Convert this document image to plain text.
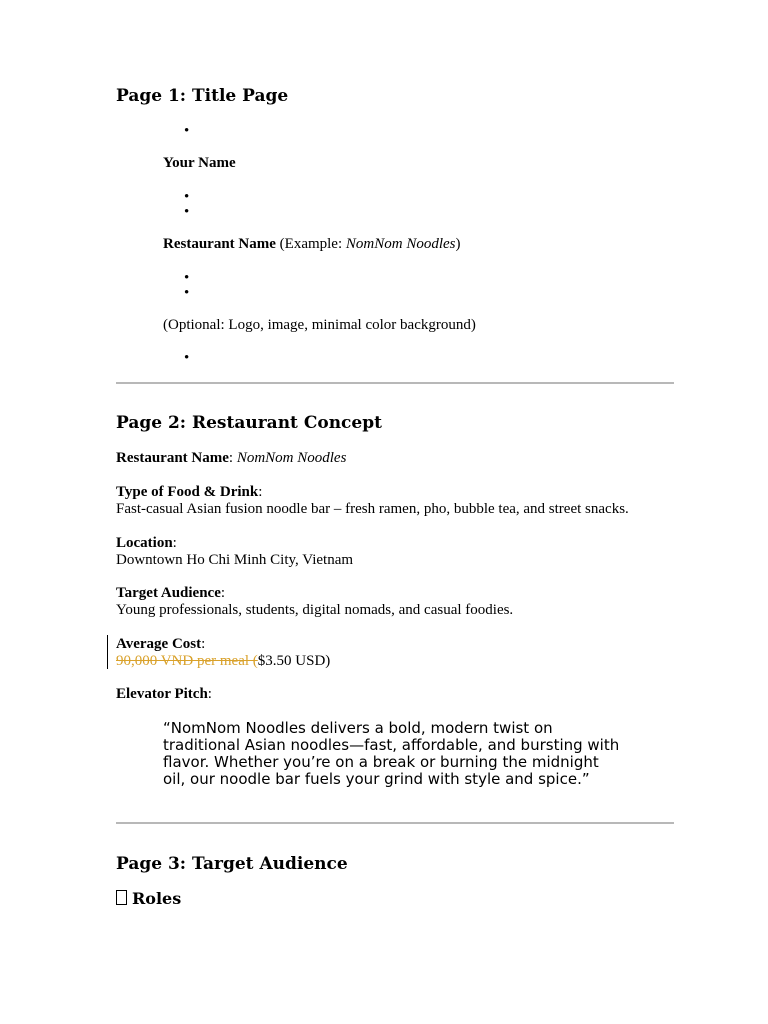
Page 1: Title Page
•
Your Name
•
•
Restaurant Name (Example: NomNom Noodles)
•
•
(Optional: Logo, image, minimal color background)
•
Page 2: Restaurant Concept
Restaurant Name: NomNom Noodles
Type of Food & Drink:
Fast-casual Asian fusion noodle bar – fresh ramen, pho, bubble tea, and street snacks.
Location:
Downtown Ho Chi Minh City, Vietnam
Target Audience:
Young professionals, students, digital nomads, and casual foodies.
Average Cost:
90,000 VND per meal ($3.50 USD)
Elevator Pitch:
“NomNom Noodles delivers a bold, modern twist on traditional Asian noodles—fast, affordable, and bursting with flavor. Whether you’re on a break or burning the midnight oil, our noodle bar fuels your grind with style and spice.”
Page 3: Target Audience
Roles
